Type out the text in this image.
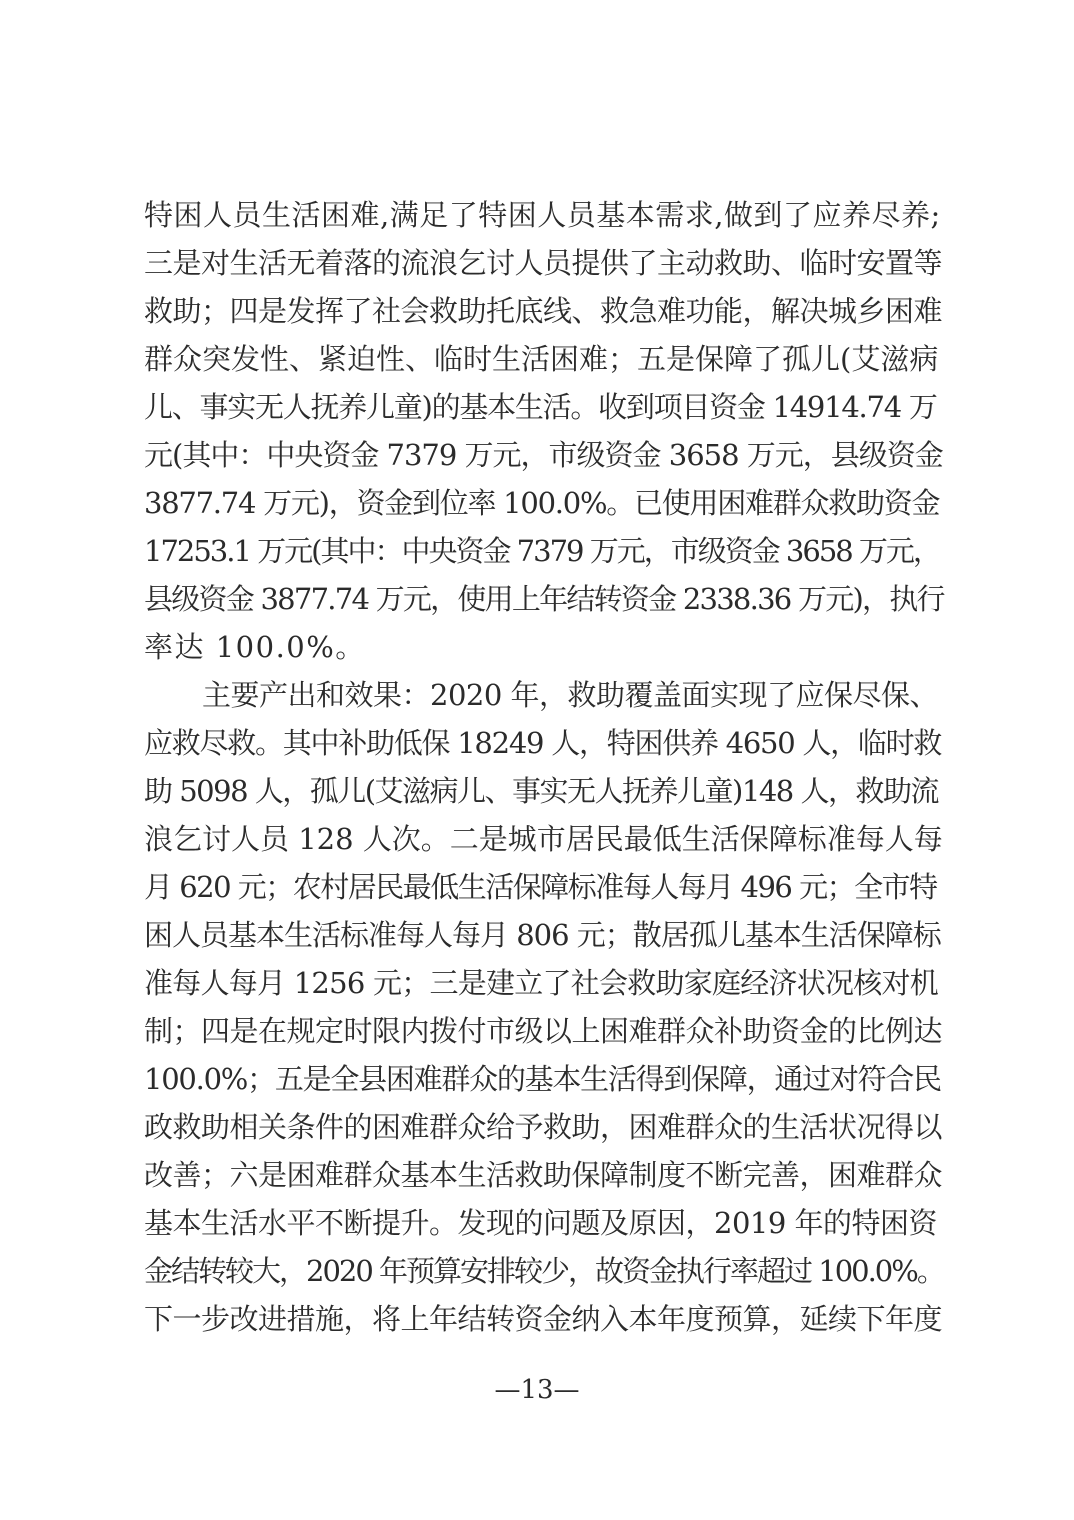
特困人员生活困难,满足了特困人员基本需求,做到了应养尽养;
三是对生活无着落的流浪乞讨人员提供了主动救助、临时安置等
救助；四是发挥了社会救助托底线、救急难功能，解决城乡困难
群众突发性、紧迫性、临时生活困难；五是保障了孤儿(艾滋病
儿、事实无人抚养儿童)的基本生活。收到项目资金 14914.74 万
元(其中：中央资金 7379 万元，市级资金 3658 万元，县级资金
3877.74 万元)，资金到位率 100.0%。已使用困难群众救助资金
17253.1 万元(其中：中央资金 7379 万元，市级资金 3658 万元，
县级资金 3877.74 万元，使用上年结转资金 2338.36 万元)，执行
率达 100.0%。
主要产出和效果：2020 年，救助覆盖面实现了应保尽保、
应救尽救。其中补助低保 18249 人，特困供养 4650 人，临时救
助 5098 人，孤儿(艾滋病儿、事实无人抚养儿童)148 人，救助流
浪乞讨人员 128 人次。二是城市居民最低生活保障标准每人每
月 620 元；农村居民最低生活保障标准每人每月 496 元；全市特
困人员基本生活标准每人每月 806 元；散居孤儿基本生活保障标
准每人每月 1256 元；三是建立了社会救助家庭经济状况核对机
制；四是在规定时限内拨付市级以上困难群众补助资金的比例达
100.0%；五是全县困难群众的基本生活得到保障，通过对符合民
政救助相关条件的困难群众给予救助，困难群众的生活状况得以
改善；六是困难群众基本生活救助保障制度不断完善，困难群众
基本生活水平不断提升。发现的问题及原因，2019 年的特困资
金结转较大，2020 年预算安排较少，故资金执行率超过 100.0%。
下一步改进措施，将上年结转资金纳入本年度预算，延续下年度
—13—
